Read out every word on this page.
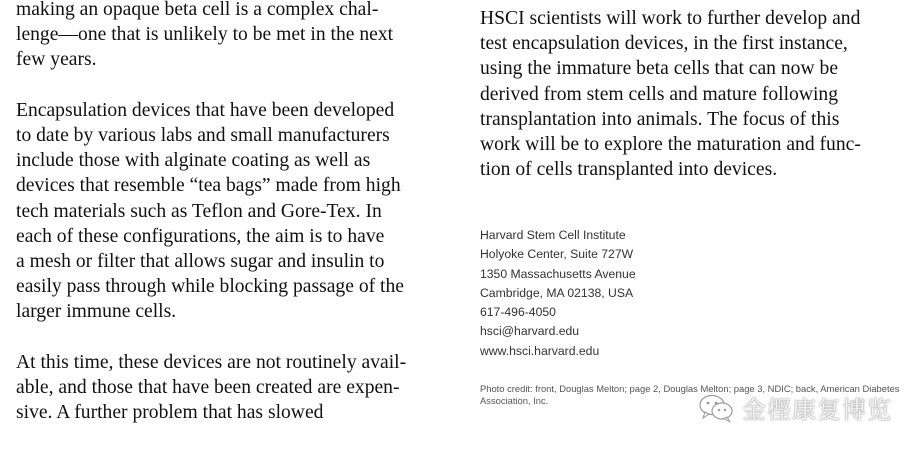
making an opaque beta cell is a complex chal-
lenge—one that is unlikely to be met in the next
few years.
Encapsulation devices that have been developed
to date by various labs and small manufacturers
include those with alginate coating as well as
devices that resemble “tea bags” made from high
tech materials such as Teflon and Gore-Tex. In
each of these configurations, the aim is to have
a mesh or filter that allows sugar and insulin to
easily pass through while blocking passage of the
larger immune cells.
At this time, these devices are not routinely avail-
able, and those that have been created are expen-
sive. A further problem that has slowed
HSCI scientists will work to further develop and
test encapsulation devices, in the first instance,
using the immature beta cells that can now be
derived from stem cells and mature following
transplantation into animals. The focus of this
work will be to explore the maturation and func-
tion of cells transplanted into devices.
Harvard Stem Cell Institute
Holyoke Center, Suite 727W
1350 Massachusetts Avenue
Cambridge, MA 02138, USA
617-496-4050
hsci@harvard.edu
www.hsci.harvard.edu
Photo credit: front, Douglas Melton; page 2, Douglas Melton; page 3, NDIC; back, American Diabetes Association, Inc.	金樫康复博览
